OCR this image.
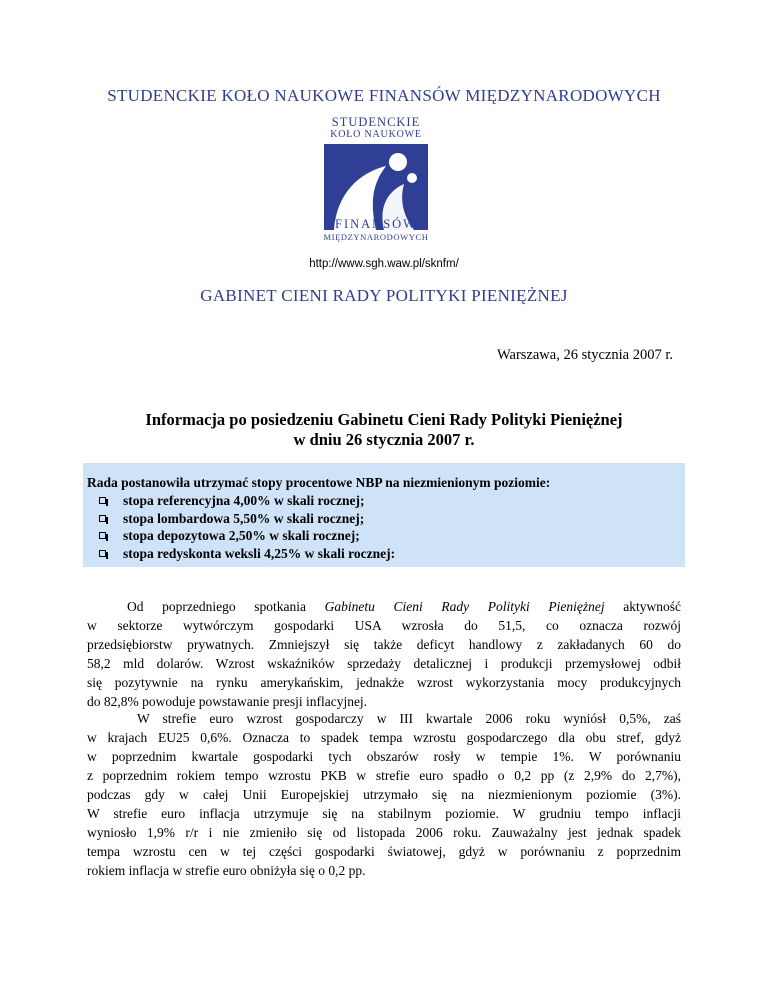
STUDENCKIE KOŁO NAUKOWE FINANSÓW MIĘDZYNARODOWYCH
STUDENCKIE
KOŁO NAUKOWE
FINANSÓW
MIĘDZYNARODOWYCH
http://www.sgh.waw.pl/sknfm/
GABINET CIENI RADY POLITYKI PIENIĘŻNEJ
Warszawa, 26 stycznia 2007 r.
Informacja po posiedzeniu Gabinetu Cieni Rady Polityki Pieniężnej
w dniu 26 stycznia 2007 r.
Rada postanowiła utrzymać stopy procentowe NBP na niezmienionym poziomie:
stopa referencyjna 4,00% w skali rocznej;
stopa lombardowa 5,50% w skali rocznej;
stopa depozytowa 2,50% w skali rocznej;
stopa redyskonta weksli 4,25% w skali rocznej:
Od poprzedniego spotkania Gabinetu Cieni Rady Polityki Pieniężnej aktywność
w sektorze wytwórczym gospodarki USA wzrosła do 51,5, co oznacza rozwój
przedsiębiorstw prywatnych. Zmniejszył się także deficyt handlowy z zakładanych 60 do
58,2 mld dolarów. Wzrost wskaźników sprzedaży detalicznej i produkcji przemysłowej odbił
się pozytywnie na rynku amerykańskim, jednakże wzrost wykorzystania mocy produkcyjnych
do 82,8% powoduje powstawanie presji inflacyjnej.
W strefie euro wzrost gospodarczy w III kwartale 2006 roku wyniósł 0,5%, zaś
w krajach EU25 0,6%. Oznacza to spadek tempa wzrostu gospodarczego dla obu stref, gdyż
w poprzednim kwartale gospodarki tych obszarów rosły w tempie 1%. W porównaniu
z poprzednim rokiem tempo wzrostu PKB w strefie euro spadło o 0,2 pp (z 2,9% do 2,7%),
podczas gdy w całej Unii Europejskiej utrzymało się na niezmienionym poziomie (3%).
W strefie euro inflacja utrzymuje się na stabilnym poziomie. W grudniu tempo inflacji
wyniosło 1,9% r/r i nie zmieniło się od listopada 2006 roku. Zauważalny jest jednak spadek
tempa wzrostu cen w tej części gospodarki światowej, gdyż w porównaniu z poprzednim
rokiem inflacja w strefie euro obniżyła się o 0,2 pp.
